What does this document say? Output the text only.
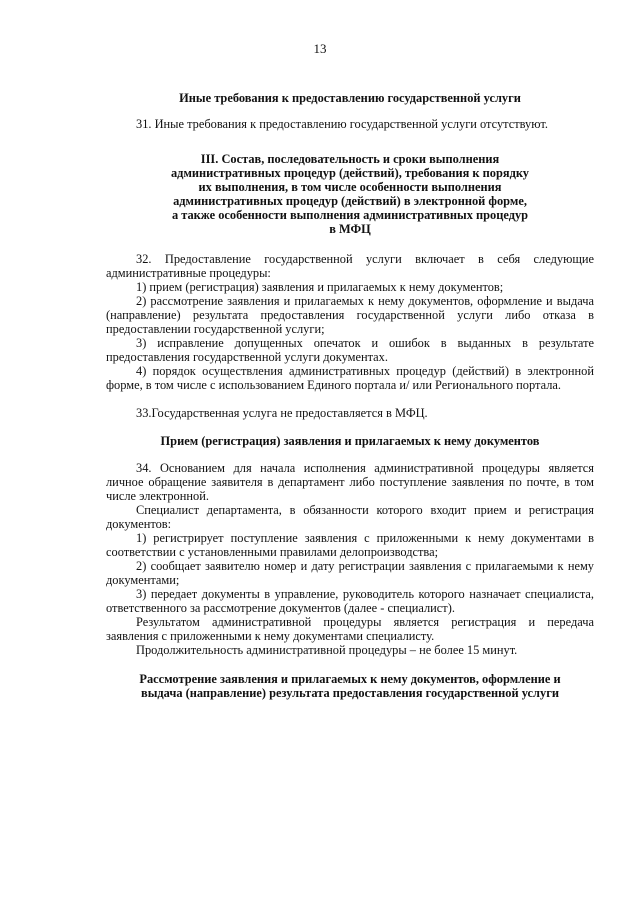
13
Иные требования к предоставлению государственной услуги
31. Иные требования к предоставлению государственной услуги отсутствуют.
III. Состав, последовательность и сроки выполнения
административных процедур (действий), требования к порядку
их выполнения, в том числе особенности выполнения
административных процедур (действий) в электронной форме,
а также особенности выполнения административных процедур
в МФЦ
32. Предоставление государственной услуги включает в себя следующие административные процедуры:
1) прием (регистрация) заявления и прилагаемых к нему документов;
2) рассмотрение заявления и прилагаемых к нему документов, оформление и выдача (направление) результата предоставления государственной услуги либо отказа в предоставлении государственной услуги;
3) исправление допущенных опечаток и ошибок в выданных в результате предоставления государственной услуги документах.
4) порядок осуществления административных процедур (действий) в электронной форме, в том числе с использованием Единого портала и/ или Регионального портала.
33.Государственная услуга не предоставляется в МФЦ.
Прием (регистрация) заявления и прилагаемых к нему документов
34. Основанием для начала исполнения административной процедуры является личное обращение заявителя в департамент либо поступление заявления по почте, в том числе электронной.
Специалист департамента, в обязанности которого входит прием и регистрация документов:
1) регистрирует поступление заявления с приложенными к нему документами в соответствии с установленными правилами делопроизводства;
2) сообщает заявителю номер и дату регистрации заявления с прилагаемыми к нему документами;
3) передает документы в управление, руководитель которого назначает специалиста, ответственного за рассмотрение документов (далее - специалист).
Результатом административной процедуры является регистрация и передача заявления с приложенными к нему документами специалисту.
Продолжительность административной процедуры – не более 15 минут.
Рассмотрение заявления и прилагаемых к нему документов, оформление и
выдача (направление) результата предоставления государственной услуги
